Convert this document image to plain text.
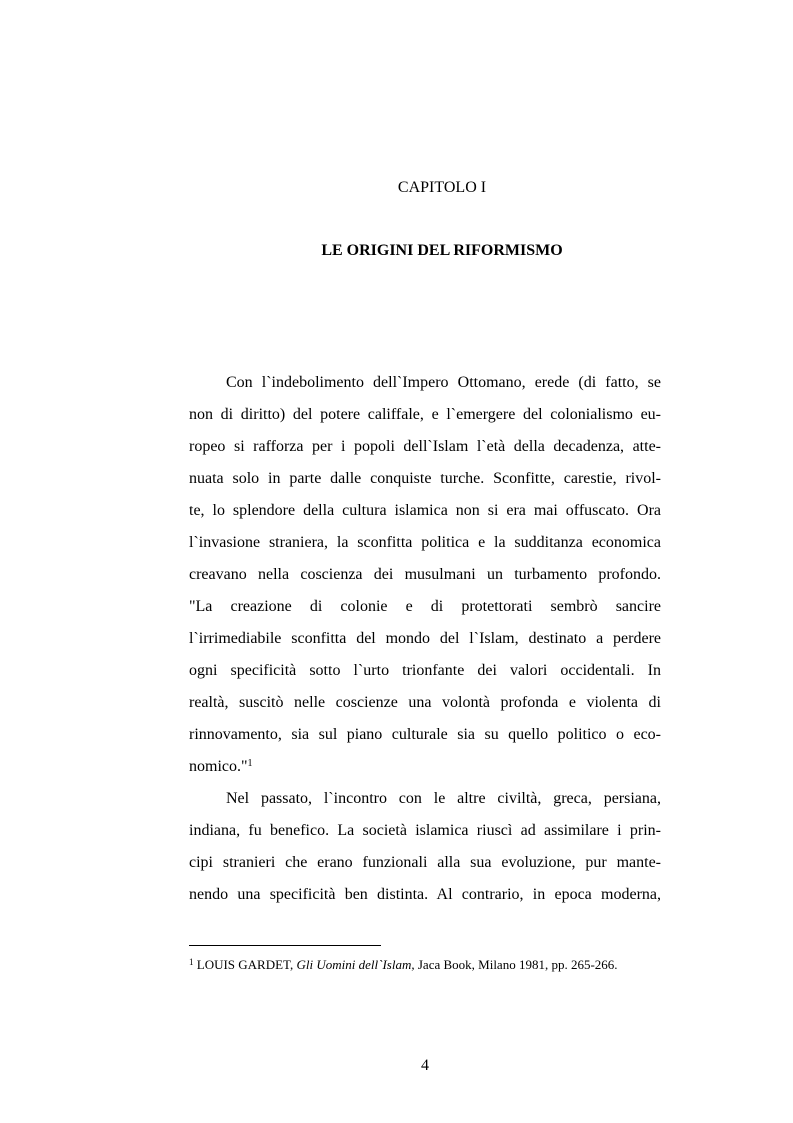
CAPITOLO I
LE ORIGINI DEL RIFORMISMO
Con l`indebolimento dell`Impero Ottomano, erede (di fatto, se
non di diritto) del potere califfale, e l`emergere del colonialismo eu-
ropeo si rafforza per i popoli dell`Islam l`età della decadenza, atte-
nuata solo in parte dalle conquiste turche. Sconfitte, carestie, rivol-
te, lo splendore della cultura islamica non si era mai offuscato. Ora
l`invasione straniera, la sconfitta politica e la sudditanza economica
creavano nella coscienza dei musulmani un turbamento profondo.
"La creazione di colonie e di protettorati sembrò sancire
l`irrimediabile sconfitta del mondo del l`Islam, destinato a perdere
ogni specificità sotto l`urto trionfante dei valori occidentali. In
realtà, suscitò nelle coscienze una volontà profonda e violenta di
rinnovamento, sia sul piano culturale sia su quello politico o eco-
nomico."$^1$
Nel passato, l`incontro con le altre civiltà, greca, persiana,
indiana, fu benefico. La società islamica riuscì ad assimilare i prin-
cipi stranieri che erano funzionali alla sua evoluzione, pur mante-
nendo una specificità ben distinta. Al contrario, in epoca moderna,
$^1$ LOUIS GARDET, Gli Uomini dell`Islam, Jaca Book, Milano 1981, pp. 265-266.
4
